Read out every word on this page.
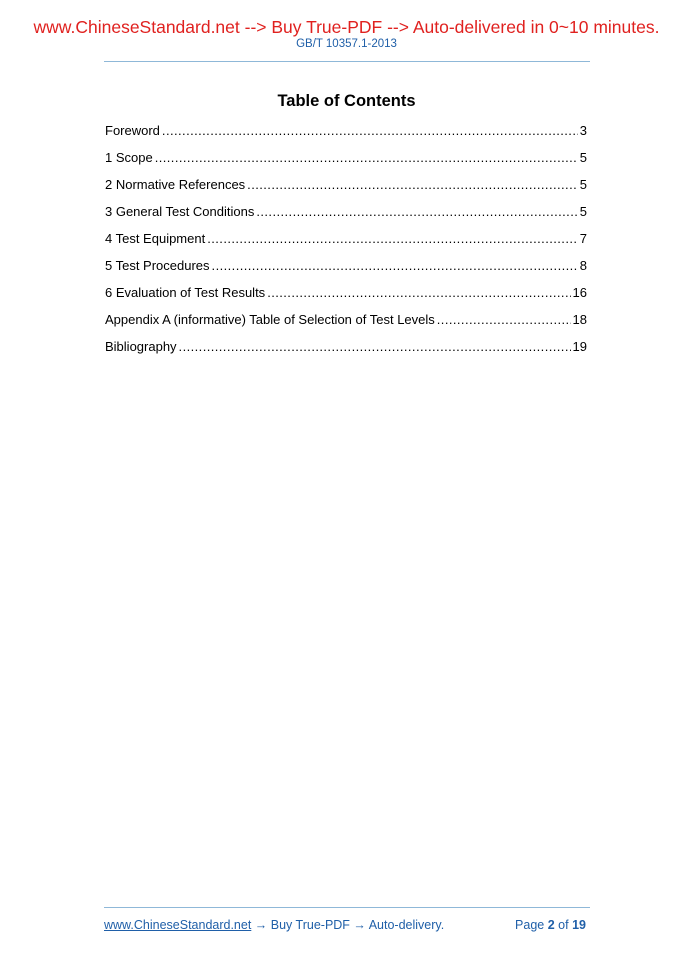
www.ChineseStandard.net --> Buy True-PDF --> Auto-delivered in 0~10 minutes.
GB/T 10357.1-2013
Table of Contents
Foreword . . .	3
1 Scope . . .	5
2 Normative References . . .	5
3 General Test Conditions . . .	5
4 Test Equipment . . .	7
5 Test Procedures . . .	8
6 Evaluation of Test Results . . .	16
Appendix A (informative) Table of Selection of Test Levels . . .	18
Bibliography . . .	19
www.ChineseStandard.net → Buy True-PDF → Auto-delivery.	Page 2 of 19
